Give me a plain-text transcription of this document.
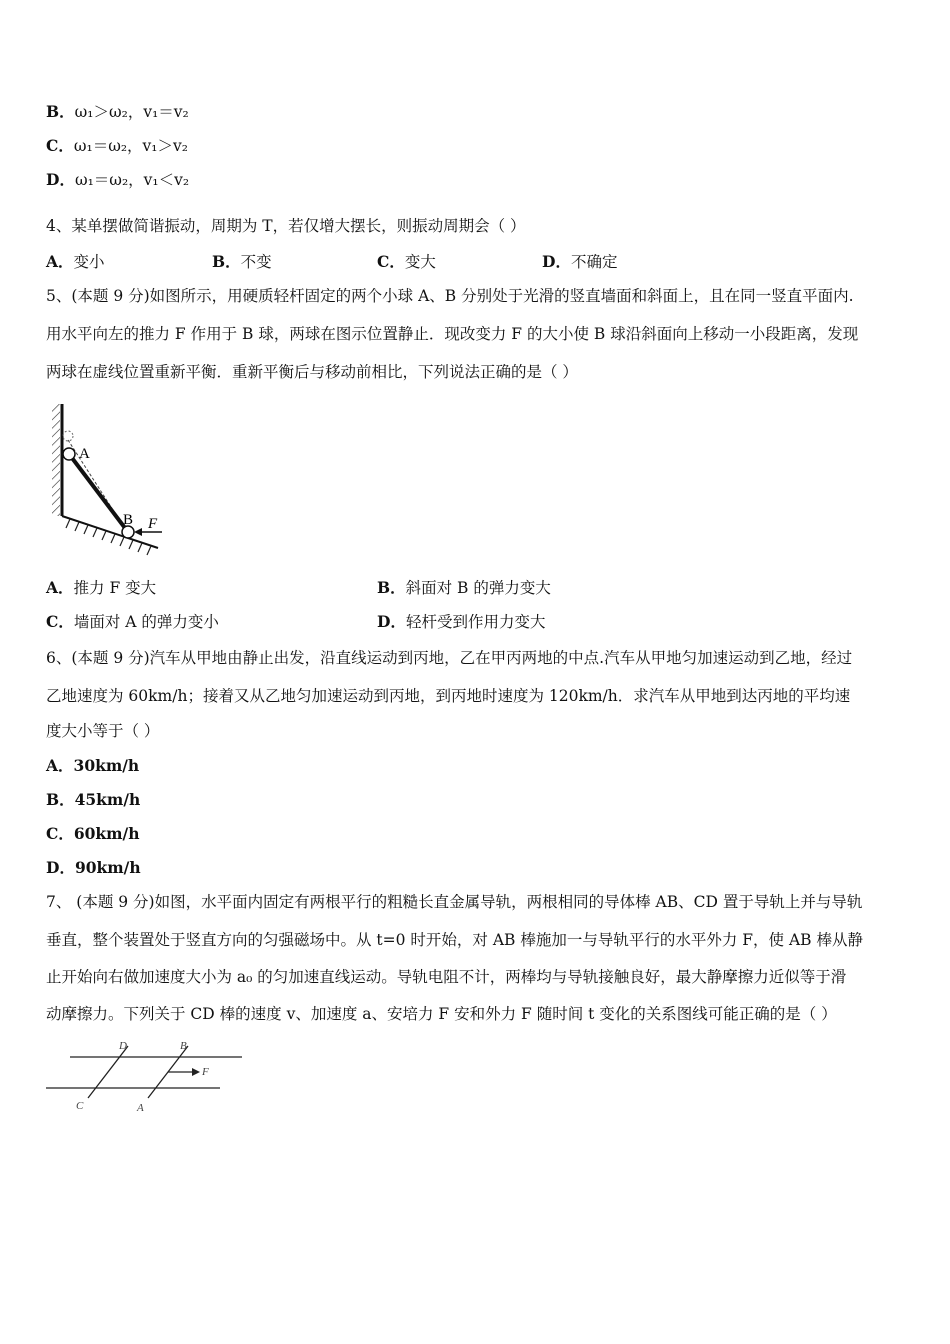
B．ω₁＞ω₂，v₁＝v₂
C．ω₁＝ω₂，v₁＞v₂
D．ω₁＝ω₂，v₁＜v₂
4、某单摆做简谐振动，周期为 T，若仅增大摆长，则振动周期会（ ）
A．变小	B．不变	C．变大	D．不确定
5、(本题 9 分)如图所示，用硬质轻杆固定的两个小球 A、B 分别处于光滑的竖直墙面和斜面上，且在同一竖直平面内.
用水平向左的推力 F 作用于 B 球，两球在图示位置静止．现改变力 F 的大小使 B 球沿斜面向上移动一小段距离，发现
两球在虚线位置重新平衡．重新平衡后与移动前相比，下列说法正确的是（ ）
A
B F
A．推力 F 变大	B．斜面对 B 的弹力变大
C．墙面对 A 的弹力变小	D．轻杆受到作用力变大
6、(本题 9 分)汽车从甲地由静止出发，沿直线运动到丙地，乙在甲丙两地的中点.汽车从甲地匀加速运动到乙地，经过
乙地速度为 60km/h；接着又从乙地匀加速运动到丙地，到丙地时速度为 120km/h．求汽车从甲地到达丙地的平均速
度大小等于（ ）
A．30km/h
B．45km/h
C．60km/h
D．90km/h
7、 (本题 9 分)如图，水平面内固定有两根平行的粗糙长直金属导轨，两根相同的导体棒 AB、CD 置于导轨上并与导轨
垂直，整个装置处于竖直方向的匀强磁场中。从 t=0 时开始，对 AB 棒施加一与导轨平行的水平外力 F，使 AB 棒从静
止开始向右做加速度大小为 a₀ 的匀加速直线运动。导轨电阻不计，两棒均与导轨接触良好，最大静摩擦力近似等于滑
动摩擦力。下列关于 CD 棒的速度 v、加速度 a、安培力 F 安和外力 F 随时间 t 变化的关系图线可能正确的是（ ）
D	B
F
C	A
